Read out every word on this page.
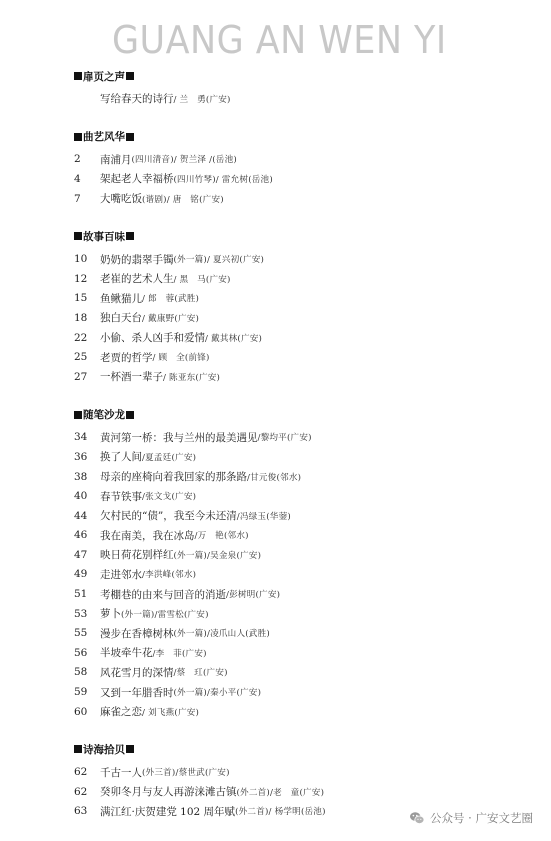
GUANG AN WEN YI
扉页之声
写给春天的诗行 / 兰　勇(广安)
曲艺风华
2	南浦月 (四川清音)/ 贺兰泽 /(岳池)
4	架起老人幸福桥 (四川竹琴)/ 雷允树(岳池)
7	大嘴吃饭 (谐剧)/ 唐　铭(广安)
故事百味
10	奶奶的翡翠手镯 (外一篇)/ 夏兴初(广安)
12	老崔的艺术人生 / 黑　马(广安)
15	鱼鳅猫儿 / 郎　蓉(武胜)
18	独白天台 / 戴康野(广安)
22	小偷、杀人凶手和爱情 / 戴其林(广安)
25	老贾的哲学 / 顾　全(前锋)
27	一杯酒一辈子 / 陈亚东(广安)
随笔沙龙
34	黄河第一桥：我与兰州的最美遇见 /黎均平(广安)
36	换了人间 /夏孟廷(广安)
38	母亲的座椅向着我回家的那条路 /甘元俊(邻水)
40	春节铁事 /张文戈(广安)
44	欠村民的“债”，我至今未还清 /冯绿玉(华蓥)
46	我在南美，我在冰岛 /万　艳(邻水)
47	映日荷花别样红 (外一篇)/吴金泉(广安)
49	走进邻水 /李洪峰(邻水)
51	考棚巷的由来与回音的消逝 /彭树明(广安)
53	萝卜 (外一篇)/雷雪松(广安)
55	漫步在香樟树林 (外一篇)/凌爪山人(武胜)
56	半坡牵牛花 /李　菲(广安)
58	风花雪月的深情 /蔡　玒(广安)
59	又到一年腊香时 (外一篇)/秦小平(广安)
60	麻雀之恋 / 刘飞燕(广安)
诗海拾贝
62	千古一人 (外三首)/蔡世武(广安)
62	癸卯冬月与友人再游涞滩古镇 (外二首)/老　童(广安)
63	满江红·庆贺建党 102 周年赋 (外二首)/ 杨学明(岳池)	公众号 · 广安文艺圈
